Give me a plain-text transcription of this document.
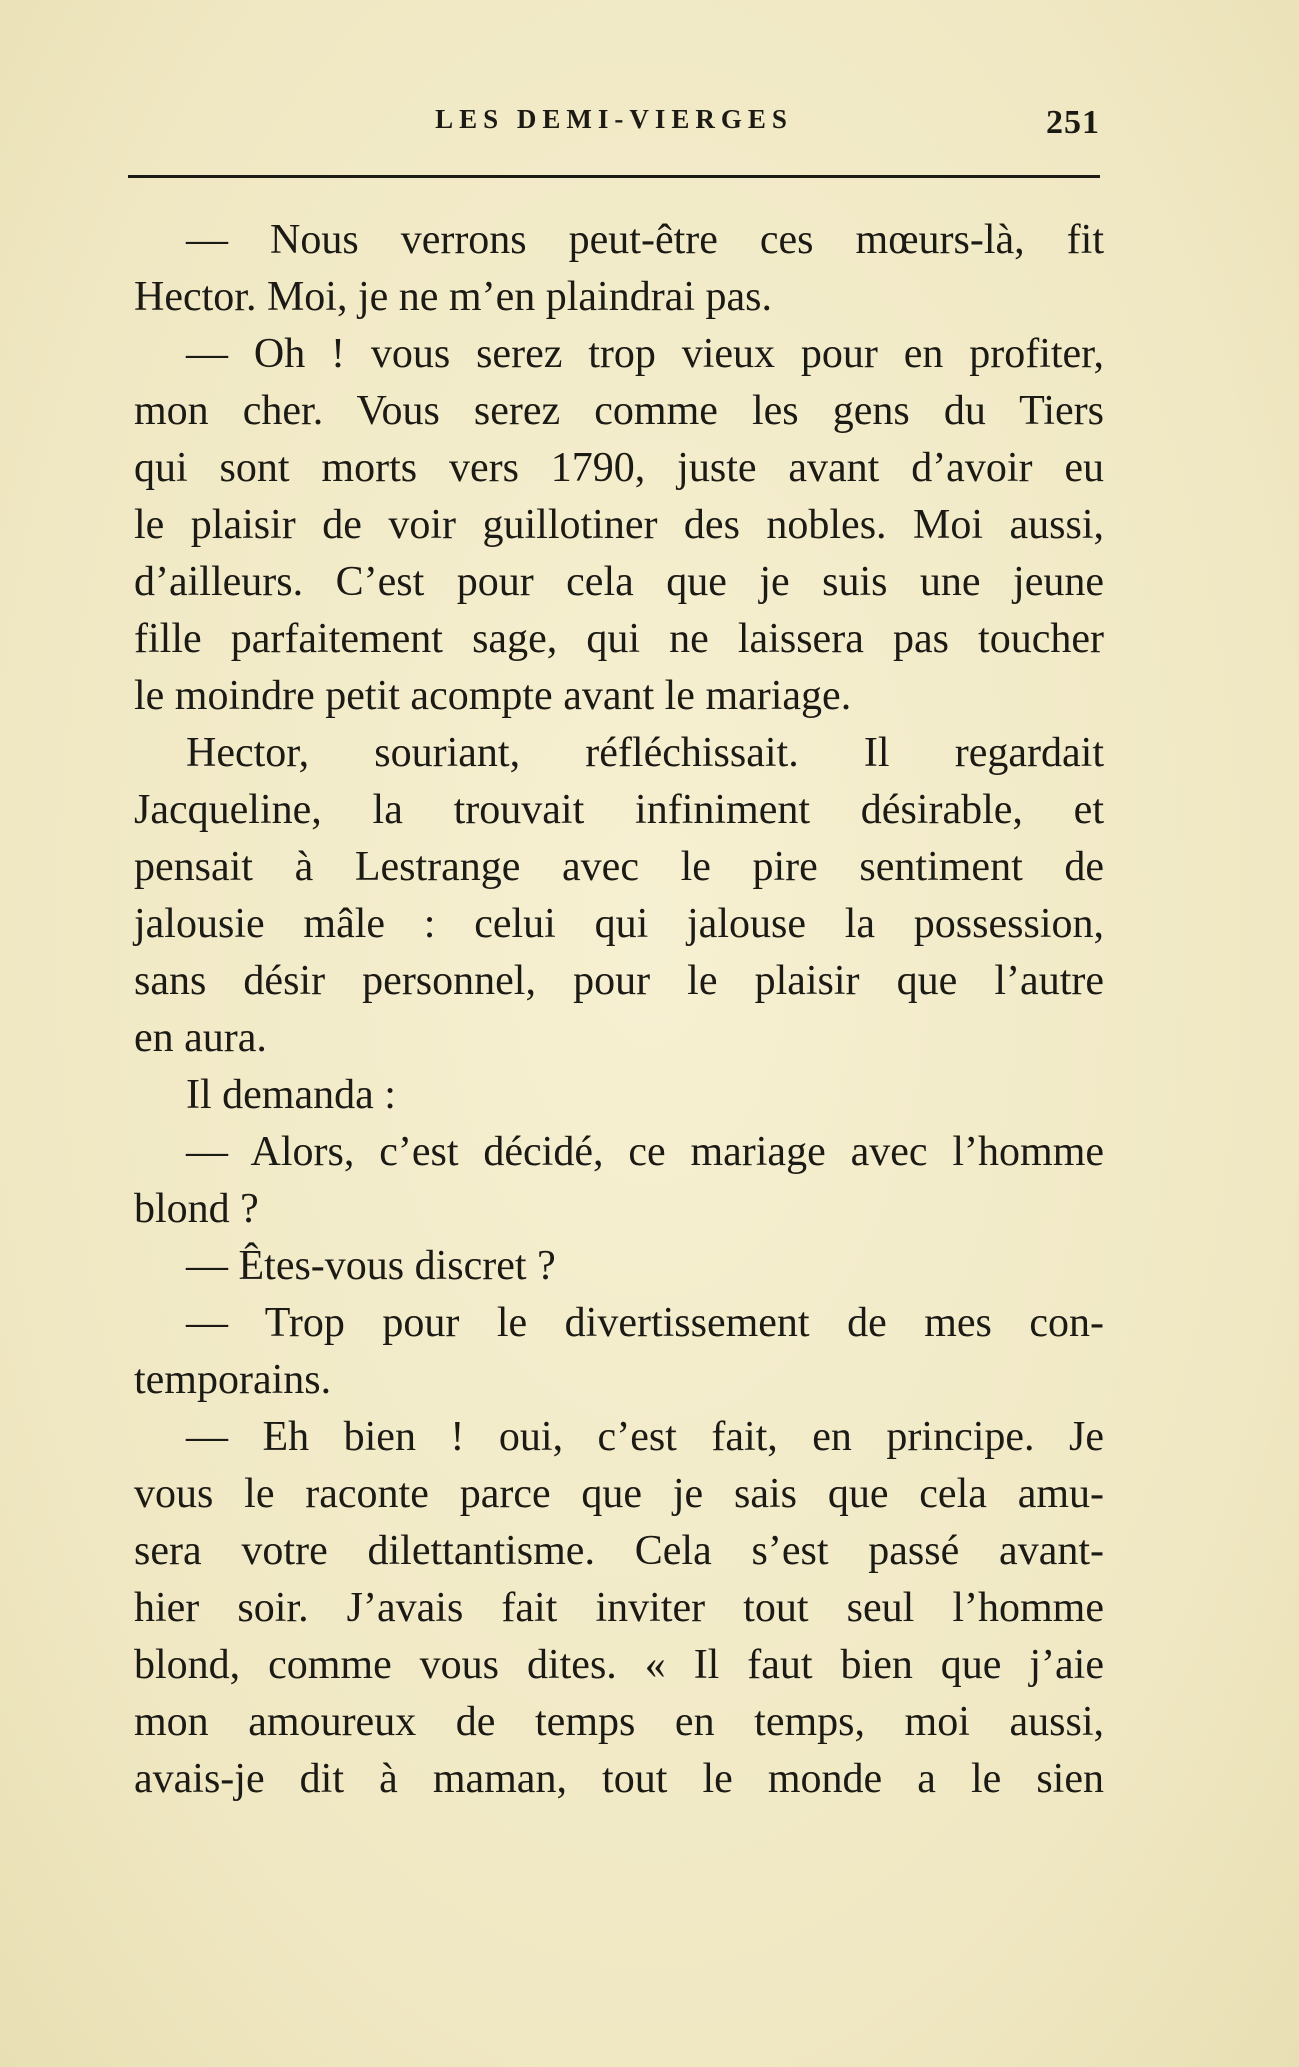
LES DEMI-VIERGES	251
— Nous verrons peut-être ces mœurs-là, fit
Hector. Moi, je ne m’en plaindrai pas.
— Oh ! vous serez trop vieux pour en profiter,
mon cher. Vous serez comme les gens du Tiers
qui sont morts vers 1790, juste avant d’avoir eu
le plaisir de voir guillotiner des nobles. Moi aussi,
d’ailleurs. C’est pour cela que je suis une jeune
fille parfaitement sage, qui ne laissera pas toucher
le moindre petit acompte avant le mariage.
Hector, souriant, réfléchissait. Il regardait
Jacqueline, la trouvait infiniment désirable, et
pensait à Lestrange avec le pire sentiment de
jalousie mâle : celui qui jalouse la possession,
sans désir personnel, pour le plaisir que l’autre
en aura.
Il demanda :
— Alors, c’est décidé, ce mariage avec l’homme
blond ?
— Êtes-vous discret ?
— Trop pour le divertissement de mes con-
temporains.
— Eh bien ! oui, c’est fait, en principe. Je
vous le raconte parce que je sais que cela amu-
sera votre dilettantisme. Cela s’est passé avant-
hier soir. J’avais fait inviter tout seul l’homme
blond, comme vous dites. « Il faut bien que j’aie
mon amoureux de temps en temps, moi aussi,
avais-je dit à maman, tout le monde a le sien
